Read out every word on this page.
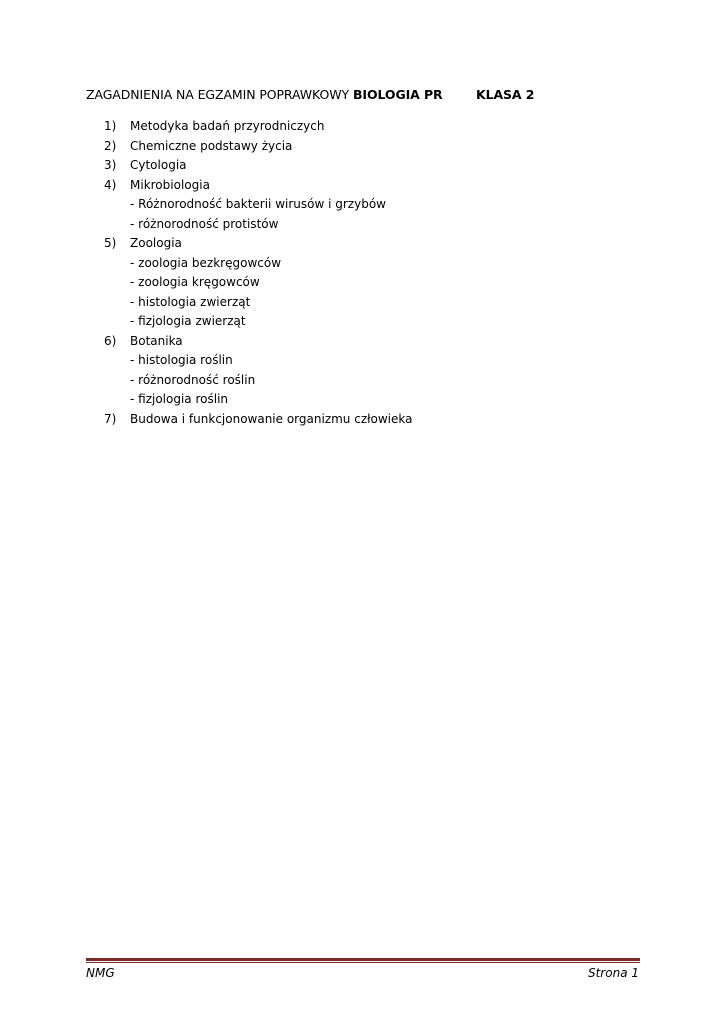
ZAGADNIENIA NA EGZAMIN POPRAWKOWY BIOLOGIA PR	KLASA 2
1) Metodyka badań przyrodniczych
2) Chemiczne podstawy życia
3) Cytologia
4) Mikrobiologia
- Różnorodność bakterii wirusów i grzybów
- różnorodność protistów
5) Zoologia
- zoologia bezkręgowców
- zoologia kręgowców
- histologia zwierząt
- fizjologia zwierząt
6) Botanika
- histologia roślin
- różnorodność roślin
- fizjologia roślin
7) Budowa i funkcjonowanie organizmu człowieka
NMG	Strona 1
